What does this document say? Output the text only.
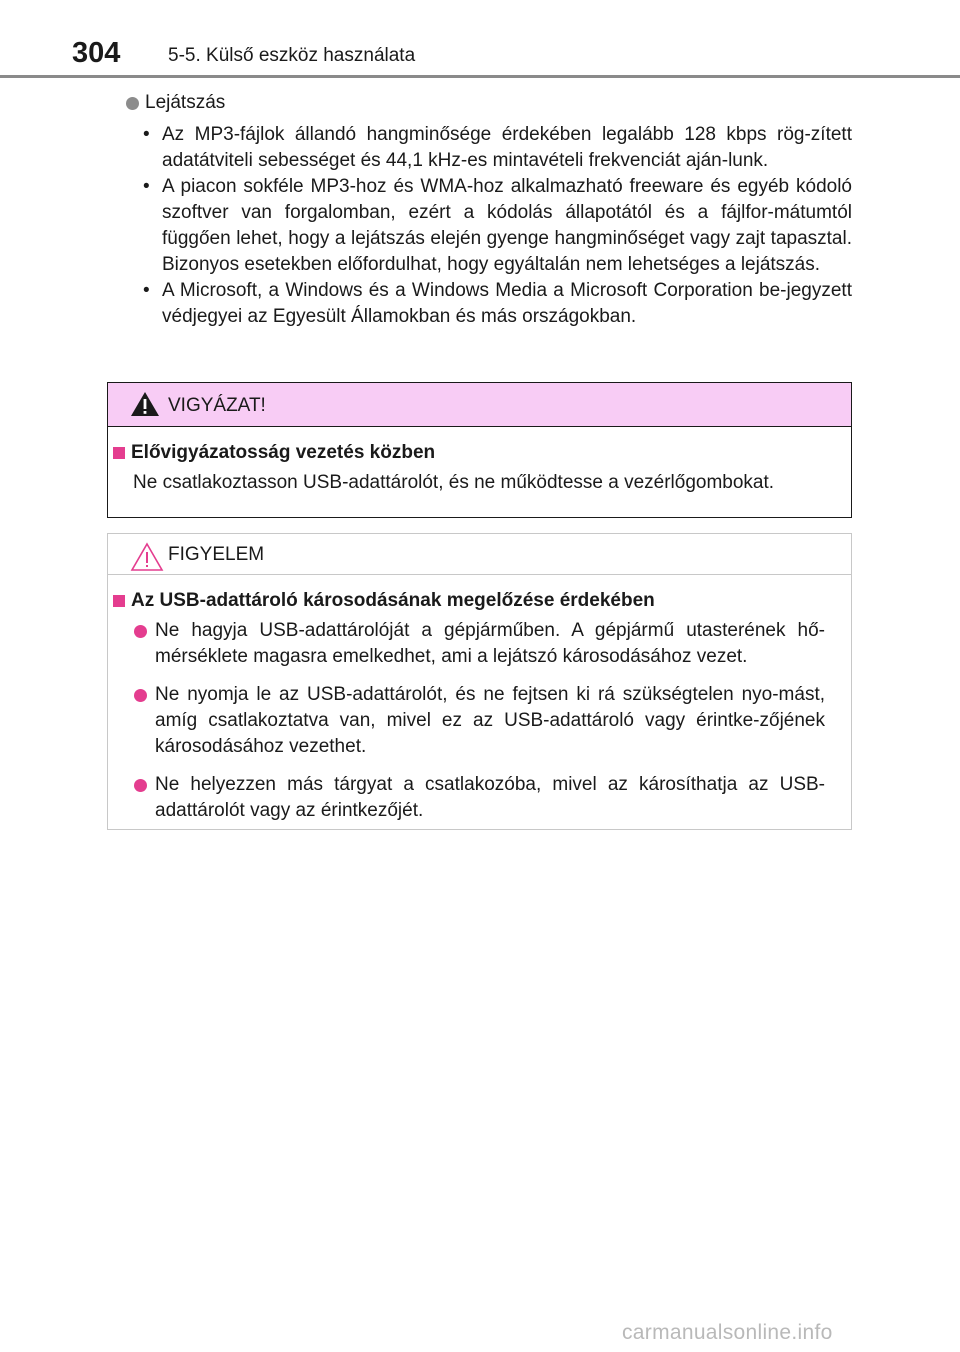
304	5-5. Külső eszköz használata
Lejátszás
• Az MP3-fájlok állandó hangminősége érdekében legalább 128 kbps rög-zített adatátviteli sebességet és 44,1 kHz-es mintavételi frekvenciát aján-lunk.
• A piacon sokféle MP3-hoz és WMA-hoz alkalmazható freeware és egyéb kódoló szoftver van forgalomban, ezért a kódolás állapotától és a fájlfor-mátumtól függően lehet, hogy a lejátszás elején gyenge hangminőséget vagy zajt tapasztal. Bizonyos esetekben előfordulhat, hogy egyáltalán nem lehetséges a lejátszás.
• A Microsoft, a Windows és a Windows Media a Microsoft Corporation be-jegyzett védjegyei az Egyesült Államokban és más országokban.
VIGYÁZAT!
Elővigyázatosság vezetés közben
Ne csatlakoztasson USB-adattárolót, és ne működtesse a vezérlőgombokat.
FIGYELEM
Az USB-adattároló károsodásának megelőzése érdekében
Ne hagyja USB-adattárolóját a gépjárműben. A gépjármű utasterének hő-mérséklete magasra emelkedhet, ami a lejátszó károsodásához vezet.
Ne nyomja le az USB-adattárolót, és ne fejtsen ki rá szükségtelen nyo-mást, amíg csatlakoztatva van, mivel ez az USB-adattároló vagy érintke-zőjének károsodásához vezethet.
Ne helyezzen más tárgyat a csatlakozóba, mivel az károsíthatja az USB-adattárolót vagy az érintkezőjét.
carmanualsonline.info
